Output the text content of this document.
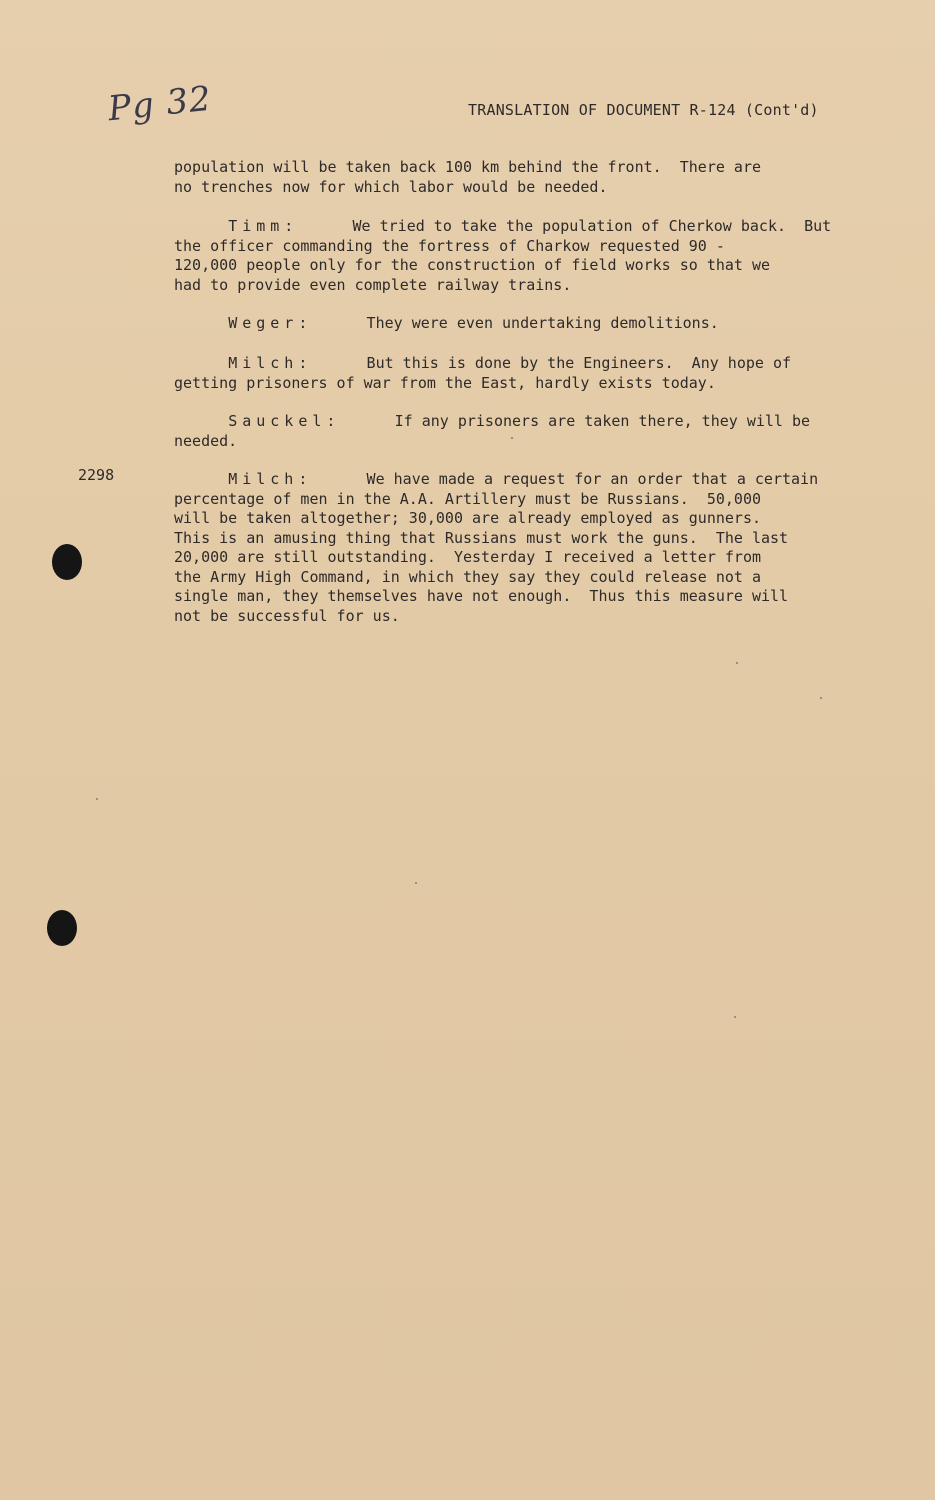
Pg 32	TRANSLATION OF DOCUMENT R-124 (Cont'd)
2298
population will be taken back 100 km behind the front.  There are
no trenches now for which labor would be needed.
Timm:      We tried to take the population of Cherkow back.  But
the officer commanding the fortress of Charkow requested 90 -
120,000 people only for the construction of field works so that we
had to provide even complete railway trains.
Weger:      They were even undertaking demolitions.
Milch:      But this is done by the Engineers.  Any hope of
getting prisoners of war from the East, hardly exists today.
Sauckel:      If any prisoners are taken there, they will be
needed.
Milch:      We have made a request for an order that a certain
percentage of men in the A.A. Artillery must be Russians.  50,000
will be taken altogether; 30,000 are already employed as gunners.
This is an amusing thing that Russians must work the guns.  The last
20,000 are still outstanding.  Yesterday I received a letter from
the Army High Command, in which they say they could release not a
single man, they themselves have not enough.  Thus this measure will
not be successful for us.
